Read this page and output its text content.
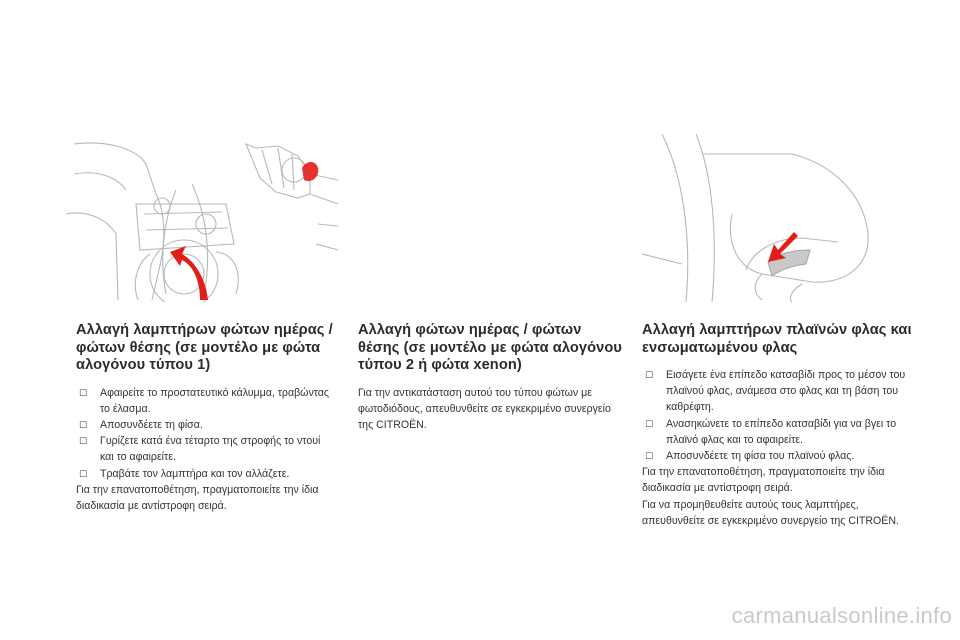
Αλλαγή λαμπτήρων φώτων ημέρας / φώτων θέσης (σε μοντέλο με φώτα αλογόνου τύπου 1)
☐ Αφαιρείτε το προστατευτικό κάλυμμα, τραβώντας το έλασμα.
☐ Αποσυνδέετε τη φίσα.
☐ Γυρίζετε κατά ένα τέταρτο της στροφής το ντουί και το αφαιρείτε.
☐ Τραβάτε τον λαμπτήρα και τον αλλάζετε.
Για την επανατοποθέτηση, πραγματοποιείτε την ίδια διαδικασία με αντίστροφη σειρά.
Αλλαγή φώτων ημέρας / φώτων θέσης (σε μοντέλο με φώτα αλογόνου τύπου 2 ή φώτα xenon)
Για την αντικατάσταση αυτού του τύπου φώτων με φωτοδιόδους, απευθυνθείτε σε εγκεκριμένο συνεργείο της CITROËN.
Αλλαγή λαμπτήρων πλαϊνών φλας και ενσωματωμένου φλας
☐ Εισάγετε ένα επίπεδο κατσαβίδι προς το μέσον του πλαϊνού φλας, ανάμεσα στο φλας και τη βάση του καθρέφτη.
☐ Ανασηκώνετε το επίπεδο κατσαβίδι για να βγει το πλαϊνό φλας και το αφαιρείτε.
☐ Αποσυνδέετε τη φίσα του πλαϊνού φλας.
Για την επανατοποθέτηση, πραγματοποιείτε την ίδια διαδικασία με αντίστροφη σειρά.
Για να προμηθευθείτε αυτούς τους λαμπτήρες, απευθυνθείτε σε εγκεκριμένο συνεργείο της CITROËN.
carmanualsonline.info
